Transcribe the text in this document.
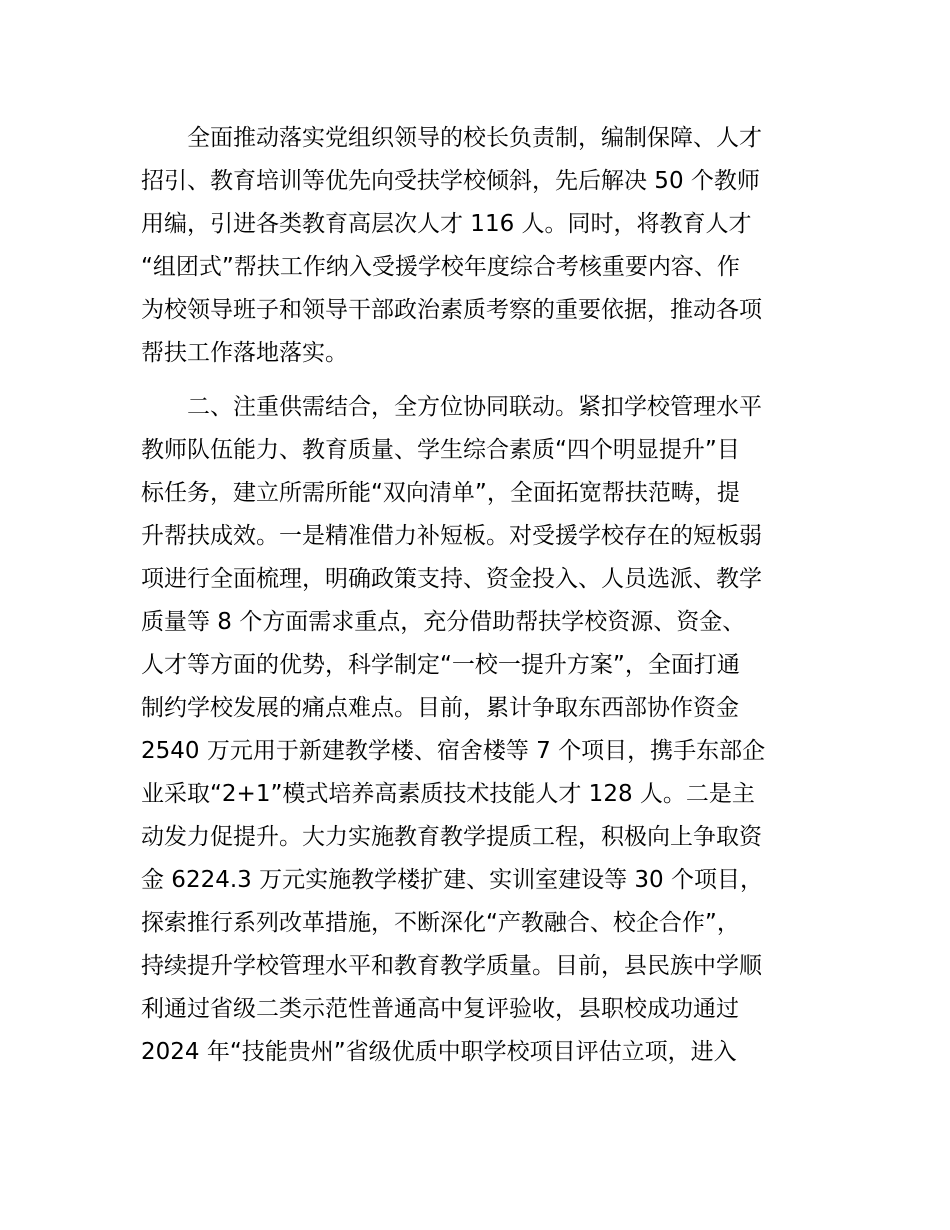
全面推动落实党组织领导的校长负责制，编制保障、人才
招引、教育培训等优先向受扶学校倾斜，先后解决 50 个教师
用编，引进各类教育高层次人才 116 人。同时，将教育人才
“组团式”帮扶工作纳入受援学校年度综合考核重要内容、作
为校领导班子和领导干部政治素质考察的重要依据，推动各项
帮扶工作落地落实。
二、注重供需结合，全方位协同联动。紧扣学校管理水平
教师队伍能力、教育质量、学生综合素质“四个明显提升”目
标任务，建立所需所能“双向清单”，全面拓宽帮扶范畴，提
升帮扶成效。一是精准借力补短板。对受援学校存在的短板弱
项进行全面梳理，明确政策支持、资金投入、人员选派、教学
质量等 8 个方面需求重点，充分借助帮扶学校资源、资金、
人才等方面的优势，科学制定“一校一提升方案”，全面打通
制约学校发展的痛点难点。目前，累计争取东西部协作资金
2540 万元用于新建教学楼、宿舍楼等 7 个项目，携手东部企
业采取“2+1”模式培养高素质技术技能人才 128 人。二是主
动发力促提升。大力实施教育教学提质工程，积极向上争取资
金 6224.3 万元实施教学楼扩建、实训室建设等 30 个项目，
探索推行系列改革措施，不断深化“产教融合、校企合作”，
持续提升学校管理水平和教育教学质量。目前，县民族中学顺
利通过省级二类示范性普通高中复评验收，县职校成功通过
2024 年“技能贵州”省级优质中职学校项目评估立项，进入
